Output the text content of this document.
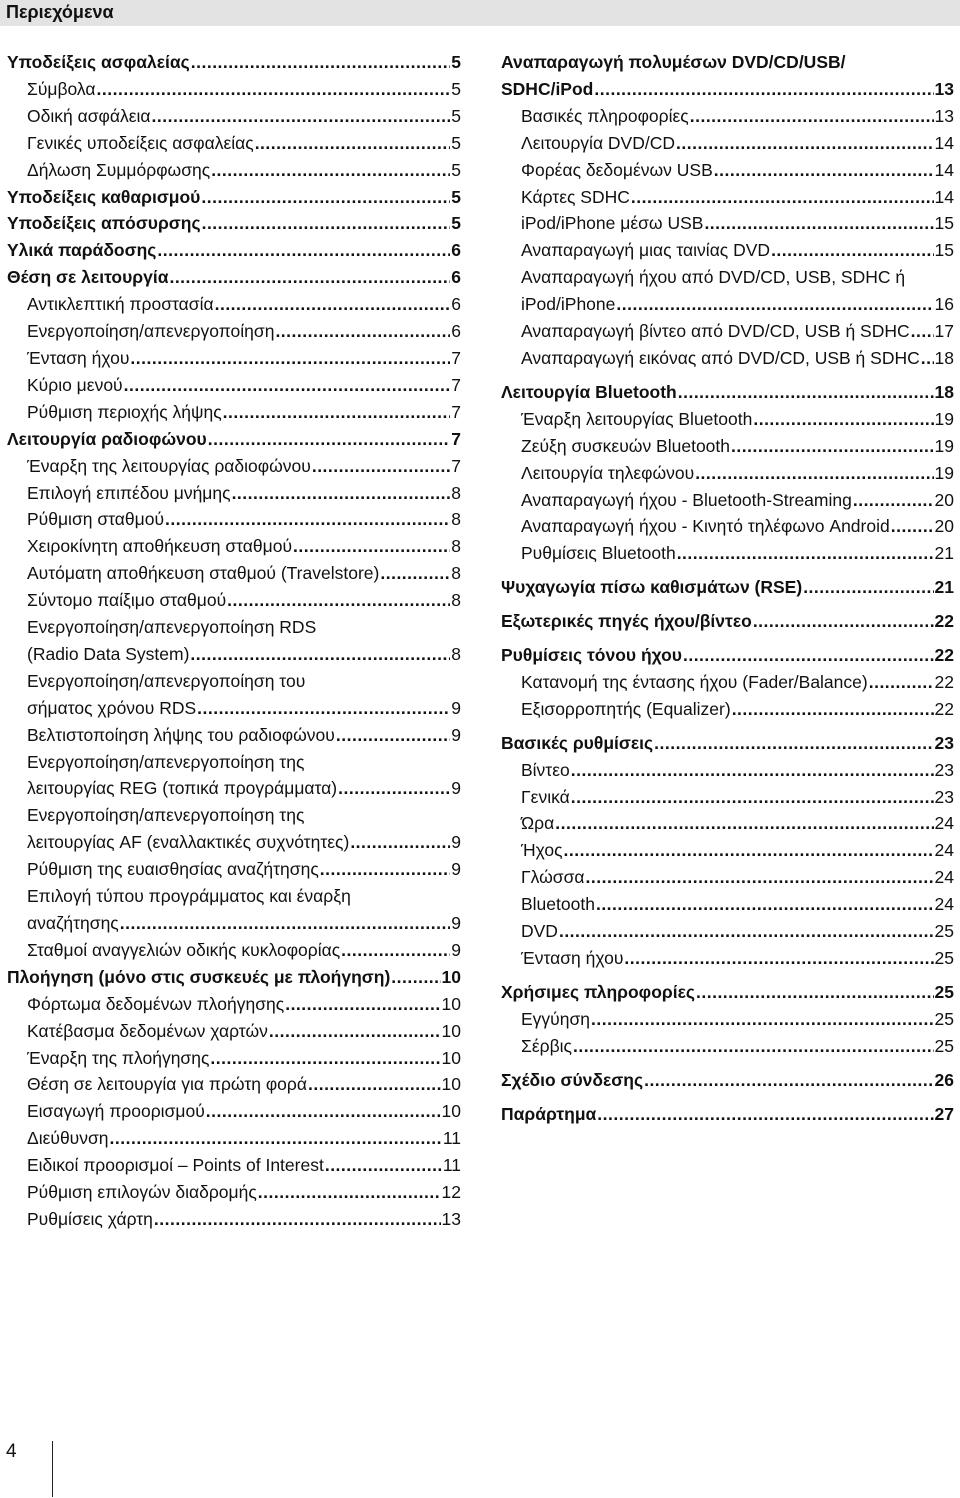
Περιεχόμενα
Υποδείξεις ασφαλείας .....	5
Σύμβολα .....	5
Οδική ασφάλεια .....	5
Γενικές υποδείξεις ασφαλείας .....	5
Δήλωση Συμμόρφωσης .....	5
Υποδείξεις καθαρισμού .....	5
Υποδείξεις απόσυρσης .....	5
Υλικά παράδοσης .....	6
Θέση σε λειτουργία .....	6
Αντικλεπτική προστασία .....	6
Ενεργοποίηση/απενεργοποίηση .....	6
Ένταση ήχου .....	7
Κύριο μενού .....	7
Ρύθμιση περιοχής λήψης .....	7
Λειτουργία ραδιοφώνου .....	7
Έναρξη της λειτουργίας ραδιοφώνου .....	7
Επιλογή επιπέδου μνήμης .....	8
Ρύθμιση σταθμού .....	8
Χειροκίνητη αποθήκευση σταθμού .....	8
Αυτόματη αποθήκευση σταθμού (Travelstore) .....	8
Σύντομο παίξιμο σταθμού .....	8
Ενεργοποίηση/απενεργοποίηση RDS
(Radio Data System) .....	8
Ενεργοποίηση/απενεργοποίηση του
σήματος χρόνου RDS .....	9
Βελτιστοποίηση λήψης του ραδιοφώνου .....	9
Ενεργοποίηση/απενεργοποίηση της
λειτουργίας REG (τοπικά προγράμματα) .....	9
Ενεργοποίηση/απενεργοποίηση της
λειτουργίας AF (εναλλακτικές συχνότητες) .....	9
Ρύθμιση της ευαισθησίας αναζήτησης .....	9
Επιλογή τύπου προγράμματος και έναρξη
αναζήτησης .....	9
Σταθμοί αναγγελιών οδικής κυκλοφορίας .....	9
Πλοήγηση (μόνο στις συσκευές με πλοήγηση) .....	10
Φόρτωμα δεδομένων πλοήγησης .....	10
Κατέβασμα δεδομένων χαρτών .....	10
Έναρξη της πλοήγησης .....	10
Θέση σε λειτουργία για πρώτη φορά .....	10
Εισαγωγή προορισμού .....	10
Διεύθυνση .....	11
Ειδικοί προορισμοί – Points of Interest .....	11
Ρύθμιση επιλογών διαδρομής .....	12
Ρυθμίσεις χάρτη .....	13
Αναπαραγωγή πολυμέσων DVD/CD/USB/
SDHC/iPod .....	13
Βασικές πληροφορίες .....	13
Λειτουργία DVD/CD .....	14
Φορέας δεδομένων USB .....	14
Κάρτες SDHC .....	14
iPod/iPhone μέσω USB .....	15
Αναπαραγωγή μιας ταινίας DVD .....	15
Αναπαραγωγή ήχου από DVD/CD, USB, SDHC ή
iPod/iPhone .....	16
Αναπαραγωγή βίντεο από DVD/CD, USB ή SDHC ..... 17
Αναπαραγωγή εικόνας από DVD/CD, USB ή SDHC ..... 18
Λειτουργία Bluetooth .....	18
Έναρξη λειτουργίας Bluetooth .....	19
Ζεύξη συσκευών Bluetooth .....	19
Λειτουργία τηλεφώνου .....	19
Αναπαραγωγή ήχου - Bluetooth-Streaming .....	20
Αναπαραγωγή ήχου - Κινητό τηλέφωνο Android .....	20
Ρυθμίσεις Bluetooth .....	21
Ψυχαγωγία πίσω καθισμάτων (RSE) .....	21
Εξωτερικές πηγές ήχου/βίντεο .....	22
Ρυθμίσεις τόνου ήχου .....	22
Κατανομή της έντασης ήχου (Fader/Balance) .....	22
Εξισορροπητής (Equalizer) .....	22
Βασικές ρυθμίσεις .....	23
Βίντεο .....	23
Γενικά .....	23
Ώρα .....	24
Ήχος .....	24
Γλώσσα .....	24
Bluetooth .....	24
DVD .....	25
Ένταση ήχου .....	25
Χρήσιμες πληροφορίες .....	25
Εγγύηση .....	25
Σέρβις .....	25
Σχέδιο σύνδεσης .....	26
Παράρτημα .....	27
4
